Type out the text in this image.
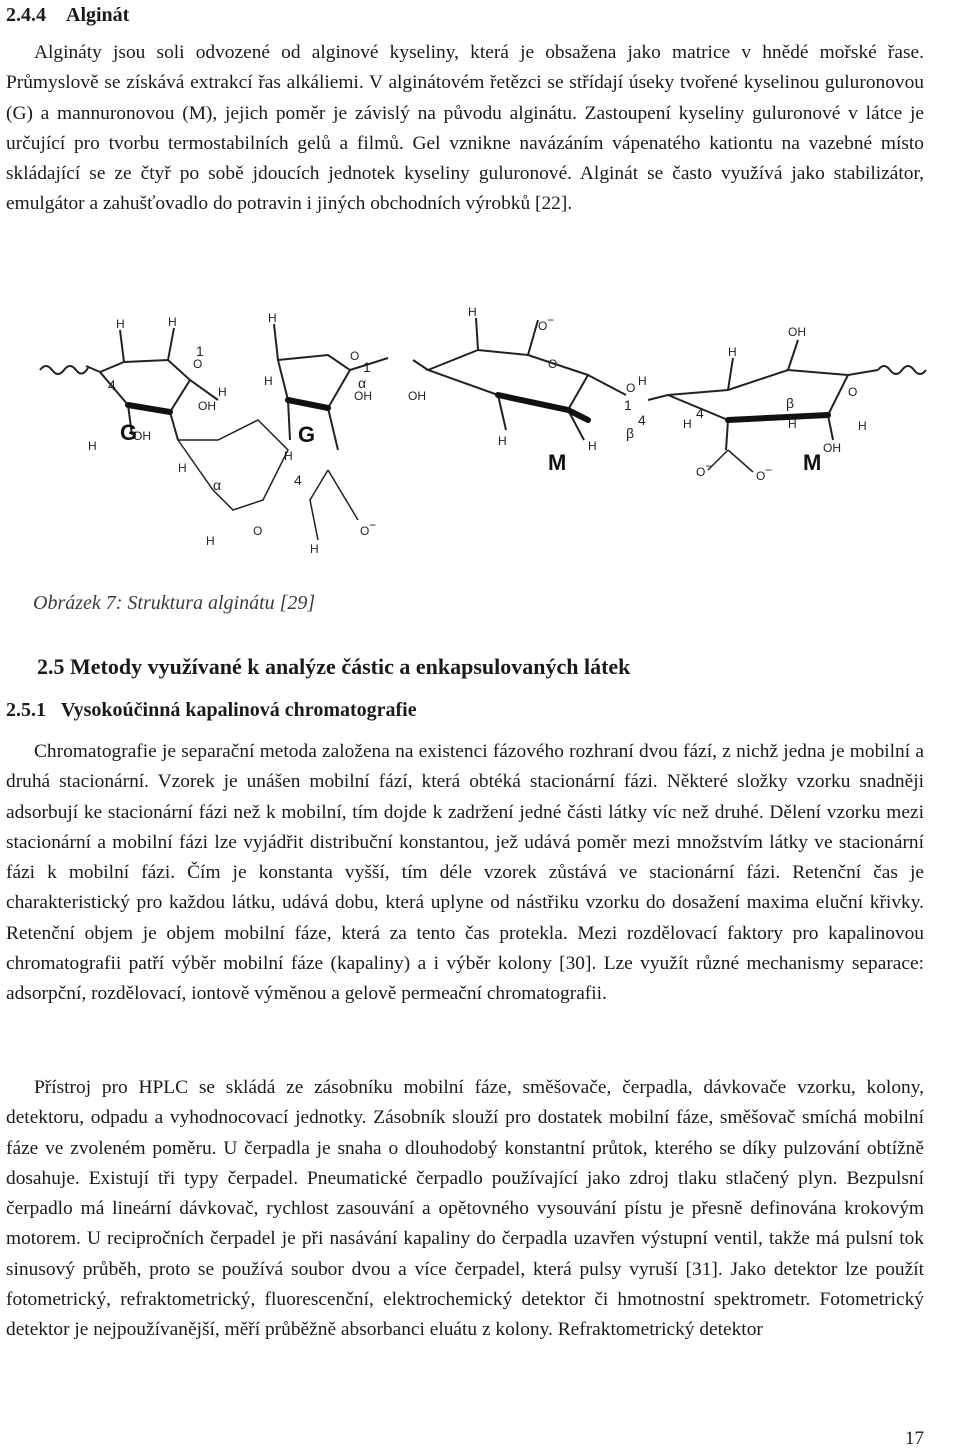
2.4.4 Alginát

Algináty jsou soli odvozené od alginové kyseliny, která je obsažena jako matrice v hnědé mořské řase. Průmyslově se získává extrakcí řas alkáliemi. V alginátovém řetězci se střídají úseky tvořené kyselinou guluronovou (G) a mannuronovou (M), jejich poměr je závislý na původu alginátu. Zastoupení kyseliny guluronové v látce je určující pro tvorbu termostabilních gelů a filmů. Gel vznikne navázáním vápenatého kationtu na vazebné místo skládající se ze čtyř po sobě jdoucích jednotek kyseliny guluronové. Alginát se často využívá jako stabilizátor, emulgátor a zahušťovadlo do potravin i jiných obchodních výrobků [22].

H	H
O
H
OH
H
OH
H
H
O
H
H
O
OH
H
H
O −
H
O −
OH
O
H	H
O H
H
OH
O
OH
H
H	H
O −
O −
4
4
4	4
1
1
1
α
α
β
β
G	G
M	M

Obrázek 7: Struktura alginátu [29]

2.5 Metody využívané k analýze částic a enkapsulovaných látek
2.5.1 Vysokoúčinná kapalinová chromatografie

Chromatografie je separační metoda založena na existenci fázového rozhraní dvou fází, z nichž jedna je mobilní a druhá stacionární. Vzorek je unášen mobilní fází, která obtéká stacionární fázi. Některé složky vzorku snadněji adsorbují ke stacionární fázi než k mobilní, tím dojde k zadržení jedné části látky víc než druhé. Dělení vzorku mezi stacionární a mobilní fázi lze vyjádřit distribuční konstantou, jež udává poměr mezi množstvím látky ve stacionární fázi k mobilní fázi. Čím je konstanta vyšší, tím déle vzorek zůstává ve stacionární fázi. Retenční čas je charakteristický pro každou látku, udává dobu, která uplyne od nástřiku vzorku do dosažení maxima eluční křivky. Retenční objem je objem mobilní fáze, která za tento čas protekla. Mezi rozdělovací faktory pro kapalinovou chromatografii patří výběr mobilní fáze (kapaliny) a i výběr kolony [30]. Lze využít různé mechanismy separace: adsorpční, rozdělovací, iontově výměnou a gelově permeační chromatografii.

Přístroj pro HPLC se skládá ze zásobníku mobilní fáze, směšovače, čerpadla, dávkovače vzorku, kolony, detektoru, odpadu a vyhodnocovací jednotky. Zásobník slouží pro dostatek mobilní fáze, směšovač smíchá mobilní fáze ve zvoleném poměru. U čerpadla je snaha o dlouhodobý konstantní průtok, kterého se díky pulzování obtížně dosahuje. Existují tři typy čerpadel. Pneumatické čerpadlo používající jako zdroj tlaku stlačený plyn. Bezpulsní čerpadlo má lineární dávkovač, rychlost zasouvání a opětovného vysouvání pístu je přesně definována krokovým motorem. U recipročních čerpadel je při nasávání kapaliny do čerpadla uzavřen výstupní ventil, takže má pulsní tok sinusový průběh, proto se používá soubor dvou a více čerpadel, která pulsy vyruší [31]. Jako detektor lze použít fotometrický, refraktometrický, fluorescenční, elektrochemický detektor či hmotnostní spektrometr. Fotometrický detektor je nejpoužívanější, měří průběžně absorbanci eluátu z kolony. Refraktometrický detektor

17
